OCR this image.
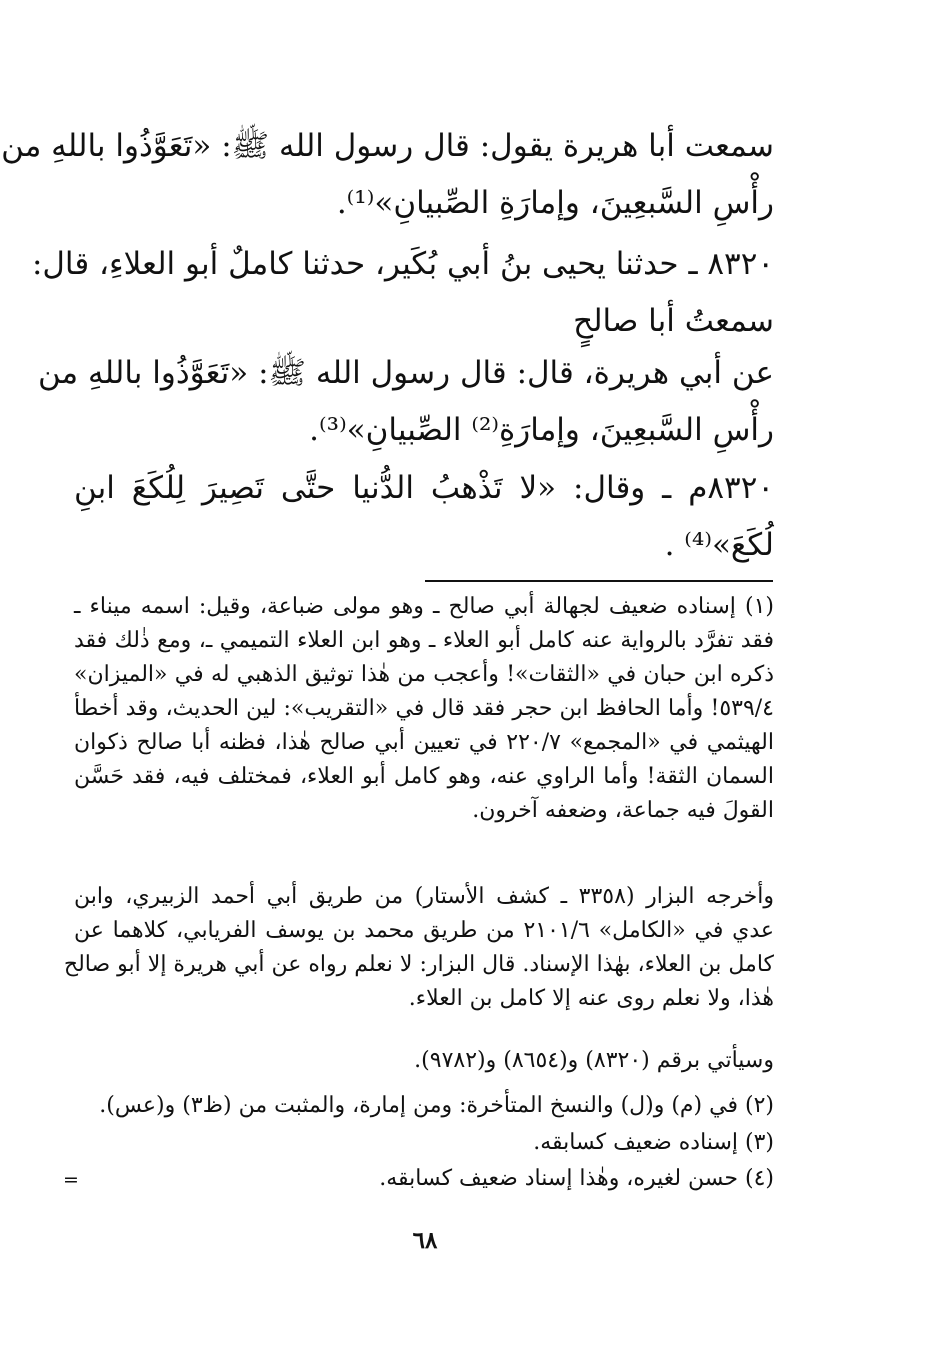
سمعت أبا هريرة يقول: قال رسول الله ﷺ: «تَعَوَّذُوا باللهِ من
رأْسِ السَّبعِينَ، وإمارَةِ الصِّبيانِ»⁽¹⁾.
٨٣٢٠ ـ حدثنا يحيى بنُ أبي بُكَير، حدثنا كاملٌ أبو العلاءِ، قال:
سمعتُ أبا صالحٍ
عن أبي هريرة، قال: قال رسول الله ﷺ: «تَعَوَّذُوا باللهِ من
رأْسِ السَّبعِينَ، وإمارَةِ⁽²⁾ الصِّبيانِ»⁽³⁾.
٨٣٢٠م ـ وقال: «لا تَذْهبُ الدُّنيا حتَّى تَصِيرَ لِلُكَعَ ابنِ
لُكَعَ»⁽⁴⁾ .
(١) إسناده ضعيف لجهالة أبي صالح ـ وهو مولى ضباعة، وقيل: اسمه ميناء ـ
فقد تفرَّد بالرواية عنه كامل أبو العلاء ـ وهو ابن العلاء التميمي ـ، ومع ذٰلك فقد
ذكره ابن حبان في «الثقات»! وأعجب من هٰذا توثيق الذهبي له في «الميزان»
٥٣٩/٤! وأما الحافظ ابن حجر فقد قال في «التقريب»: لين الحديث، وقد أخطأ
الهيثمي في «المجمع» ٢٢٠/٧ في تعيين أبي صالح هٰذا، فظنه أبا صالح ذكوان
السمان الثقة! وأما الراوي عنه، وهو كامل أبو العلاء، فمختلف فيه، فقد حَسَّن
القولَ فيه جماعة، وضعفه آخرون.
وأخرجه البزار (٣٣٥٨ ـ كشف الأستار) من طريق أبي أحمد الزبيري، وابن
عدي في «الكامل» ٢١٠١/٦ من طريق محمد بن يوسف الفريابي، كلاهما عن
كامل بن العلاء، بهٰذا الإسناد. قال البزار: لا نعلم رواه عن أبي هريرة إلا أبو صالح
هٰذا، ولا نعلم روى عنه إلا كامل بن العلاء.
وسيأتي برقم (٨٣٢٠) و(٨٦٥٤) و(٩٧٨٢).
(٢) في (م) و(ل) والنسخ المتأخرة: ومن إمارة، والمثبت من (ظ٣) و(عس).
(٣) إسناده ضعيف كسابقه.
(٤) حسن لغيره، وهٰذا إسناد ضعيف كسابقه.
=
٦٨
